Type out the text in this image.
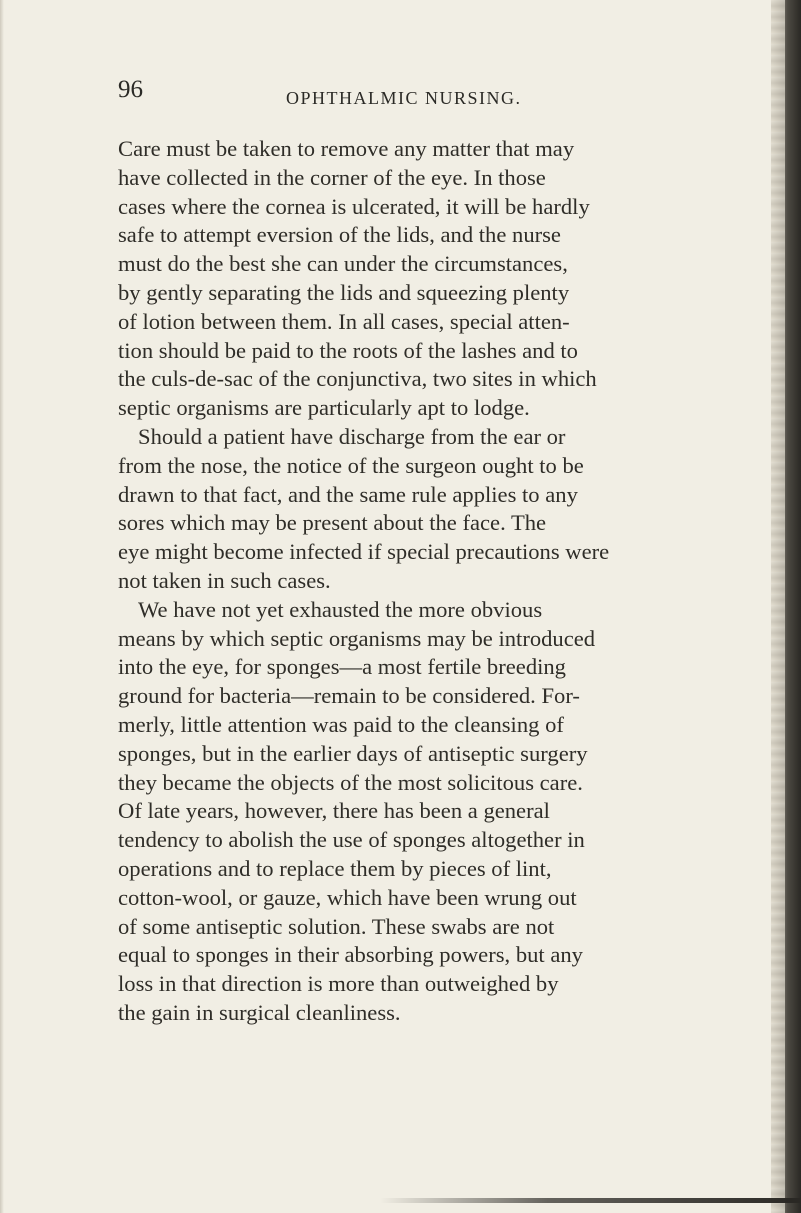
96	OPHTHALMIC NURSING.
Care must be taken to remove any matter that may
have collected in the corner of the eye. In those
cases where the cornea is ulcerated, it will be hardly
safe to attempt eversion of the lids, and the nurse
must do the best she can under the circumstances,
by gently separating the lids and squeezing plenty
of lotion between them. In all cases, special atten-
tion should be paid to the roots of the lashes and to
the culs-de-sac of the conjunctiva, two sites in which
septic organisms are particularly apt to lodge.
Should a patient have discharge from the ear or
from the nose, the notice of the surgeon ought to be
drawn to that fact, and the same rule applies to any
sores which may be present about the face. The
eye might become infected if special precautions were
not taken in such cases.
We have not yet exhausted the more obvious
means by which septic organisms may be introduced
into the eye, for sponges—a most fertile breeding
ground for bacteria—remain to be considered. For-
merly, little attention was paid to the cleansing of
sponges, but in the earlier days of antiseptic surgery
they became the objects of the most solicitous care.
Of late years, however, there has been a general
tendency to abolish the use of sponges altogether in
operations and to replace them by pieces of lint,
cotton-wool, or gauze, which have been wrung out
of some antiseptic solution. These swabs are not
equal to sponges in their absorbing powers, but any
loss in that direction is more than outweighed by
the gain in surgical cleanliness.
